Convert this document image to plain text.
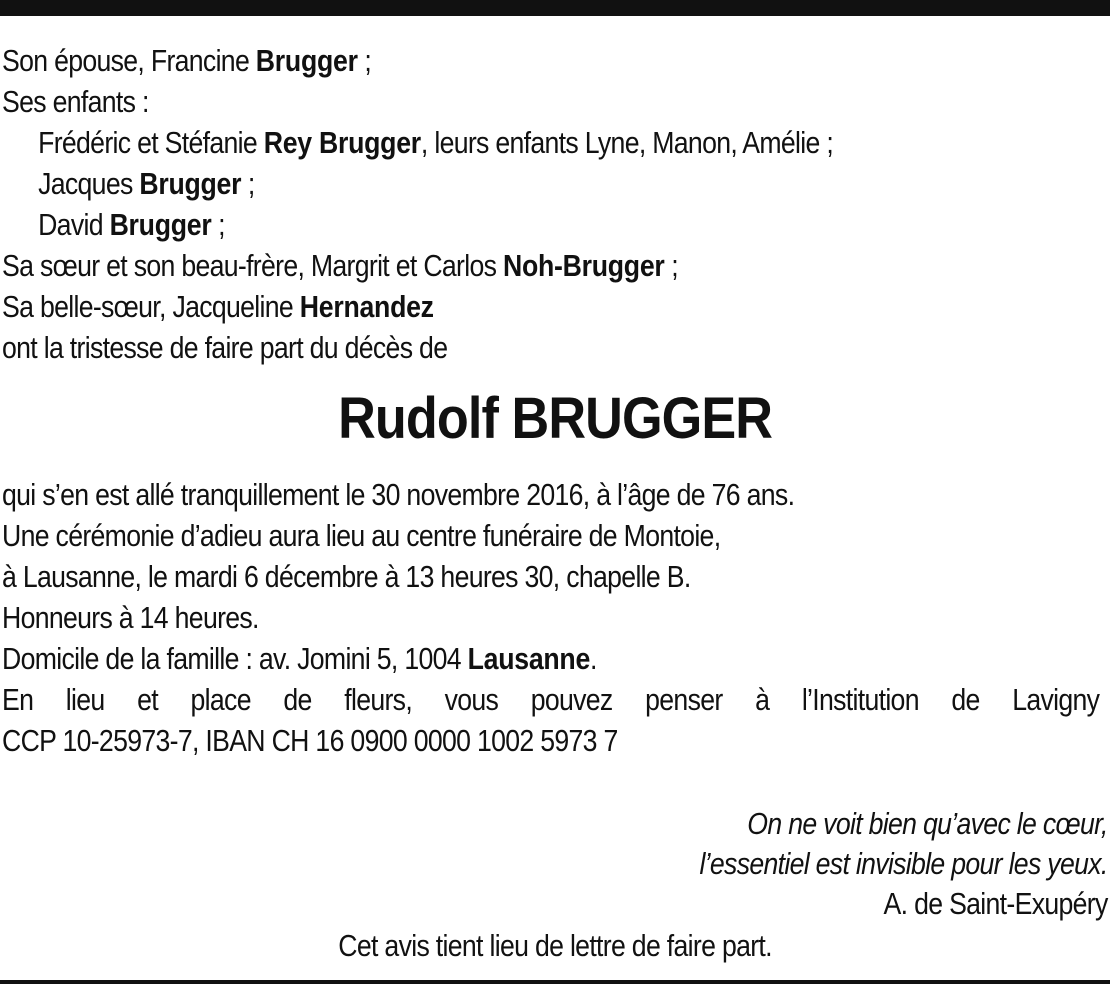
Son épouse, Francine Brugger ;
Ses enfants :
Frédéric et Stéfanie Rey Brugger, leurs enfants Lyne, Manon, Amélie ;
Jacques Brugger ;
David Brugger ;
Sa sœur et son beau-frère, Margrit et Carlos Noh-Brugger ;
Sa belle-sœur, Jacqueline Hernandez
ont la tristesse de faire part du décès de
Rudolf BRUGGER
qui s’en est allé tranquillement le 30 novembre 2016, à l’âge de 76 ans.
Une cérémonie d’adieu aura lieu au centre funéraire de Montoie,
à Lausanne, le mardi 6 décembre à 13 heures 30, chapelle B.
Honneurs à 14 heures.
Domicile de la famille : av. Jomini 5, 1004 Lausanne.
En lieu et place de fleurs, vous pouvez penser à l’Institution de Lavigny
CCP 10-25973-7, IBAN CH 16 0900 0000 1002 5973 7
On ne voit bien qu’avec le cœur,
l’essentiel est invisible pour les yeux.
A. de Saint-Exupéry
Cet avis tient lieu de lettre de faire part.
